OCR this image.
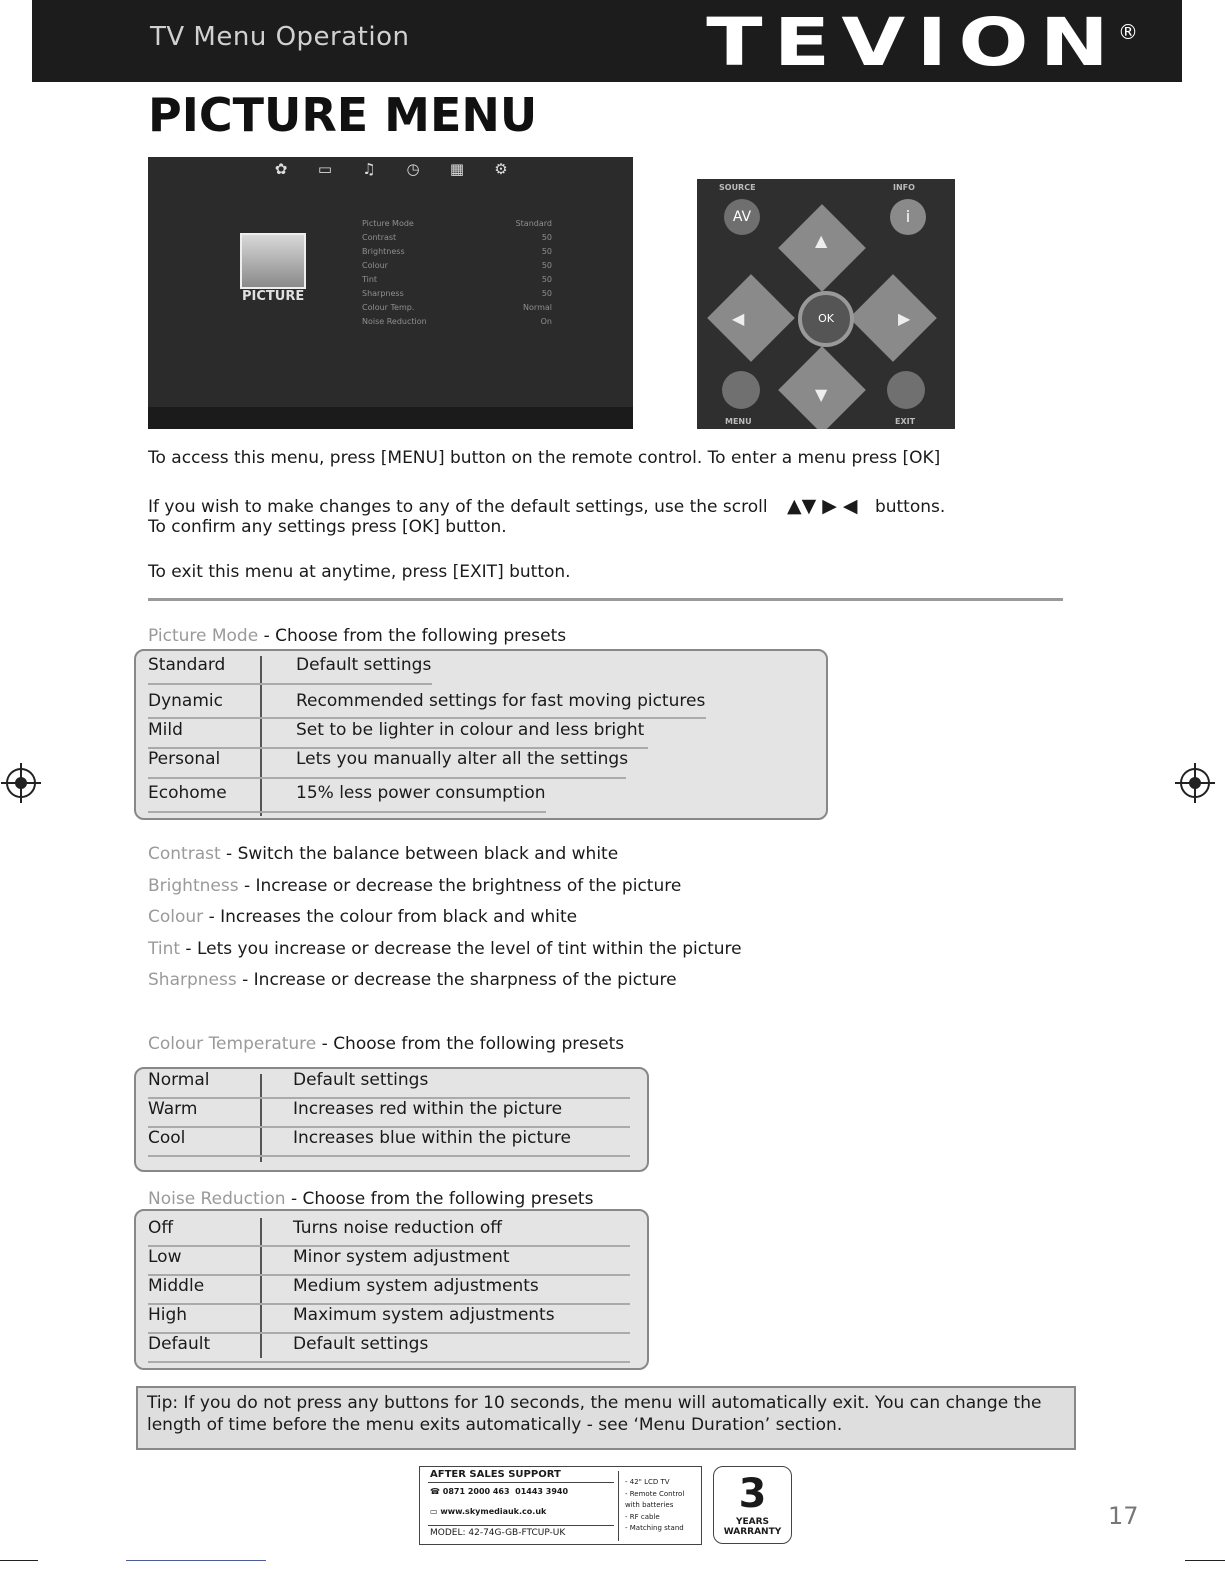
TV Menu Operation	TEVION
®
PICTURE MENU
✿ ▭ ♫ ◷ ▦ ⚙
PICTURE
Picture Mode	Standard
Contrast	50
Brightness	50
Colour	50
Tint	50
Sharpness	50
Colour Temp.	Normal
Noise Reduction	On
SOURCE	INFO
AV	i
▲
▼
◀	▶
OK
MENU	EXIT
To access this menu, press [MENU] button on the remote control. To enter a menu press [OK]
If you wish to make changes to any of the default settings, use the scroll ▲▼ ▶ ◀ buttons.
To confirm any settings press [OK] button.
To exit this menu at anytime, press [EXIT] button.
Picture Mode - Choose from the following presets
Standard	Default settings
Dynamic	Recommended settings for fast moving pictures
Mild	Set to be lighter in colour and less bright
Personal	Lets you manually alter all the settings
Ecohome	15% less power consumption
Contrast - Switch the balance between black and white
Brightness - Increase or decrease the brightness of the picture
Colour - Increases the colour from black and white
Tint - Lets you increase or decrease the level of tint within the picture
Sharpness - Increase or decrease the sharpness of the picture
Colour Temperature - Choose from the following presets
Normal	Default settings
Warm	Increases red within the picture
Cool	Increases blue within the picture
Noise Reduction - Choose from the following presets
Off	Turns noise reduction off
Low	Minor system adjustment
Middle	Medium system adjustments
High	Maximum system adjustments
Default	Default settings
Tip: If you do not press any buttons for 10 seconds, the menu will automatically exit. You can change the length of time before the menu exits automatically - see ‘Menu Duration’ section.
AFTER SALES SUPPORT
☎ 0871 2000 463 01443 3940
▭ www.skymediauk.co.uk
MODEL: 42-74G-GB-FTCUP-UK
- 42" LCD TV
- Remote Control
with batteries
- RF cable
- Matching stand
3
YEARS
WARRANTY
17
